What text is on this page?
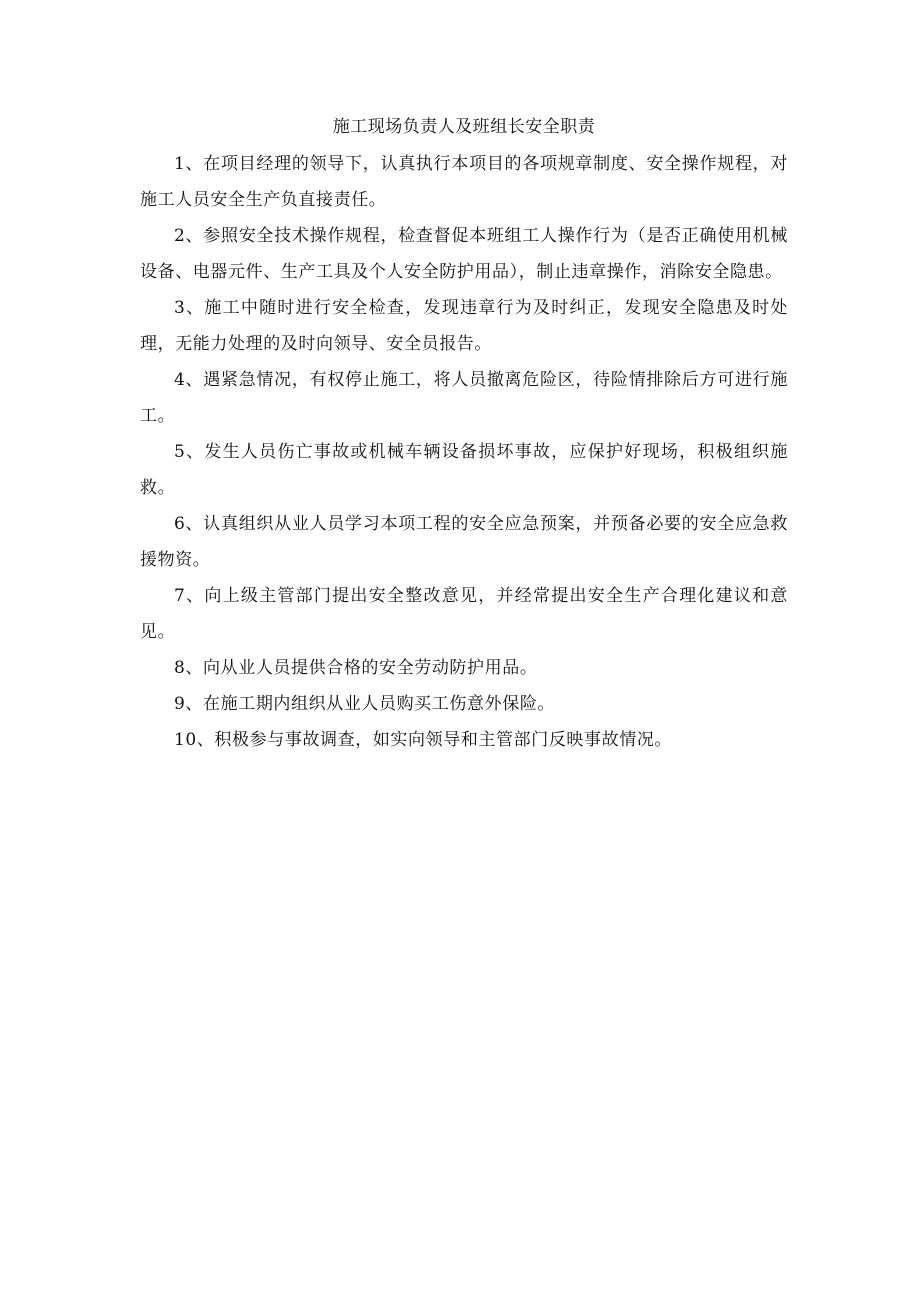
施工现场负责人及班组长安全职责

1、在项目经理的领导下，认真执行本项目的各项规章制度、安全操作规程，对施工人员安全生产负直接责任。

2、参照安全技术操作规程，检查督促本班组工人操作行为（是否正确使用机械设备、电器元件、生产工具及个人安全防护用品），制止违章操作，消除安全隐患。

3、施工中随时进行安全检查，发现违章行为及时纠正，发现安全隐患及时处理，无能力处理的及时向领导、安全员报告。

4、遇紧急情况，有权停止施工，将人员撤离危险区，待险情排除后方可进行施工。

5、发生人员伤亡事故或机械车辆设备损坏事故，应保护好现场，积极组织施救。

6、认真组织从业人员学习本项工程的安全应急预案，并预备必要的安全应急救援物资。

7、向上级主管部门提出安全整改意见，并经常提出安全生产合理化建议和意见。

8、向从业人员提供合格的安全劳动防护用品。

9、在施工期内组织从业人员购买工伤意外保险。

10、积极参与事故调查，如实向领导和主管部门反映事故情况。
